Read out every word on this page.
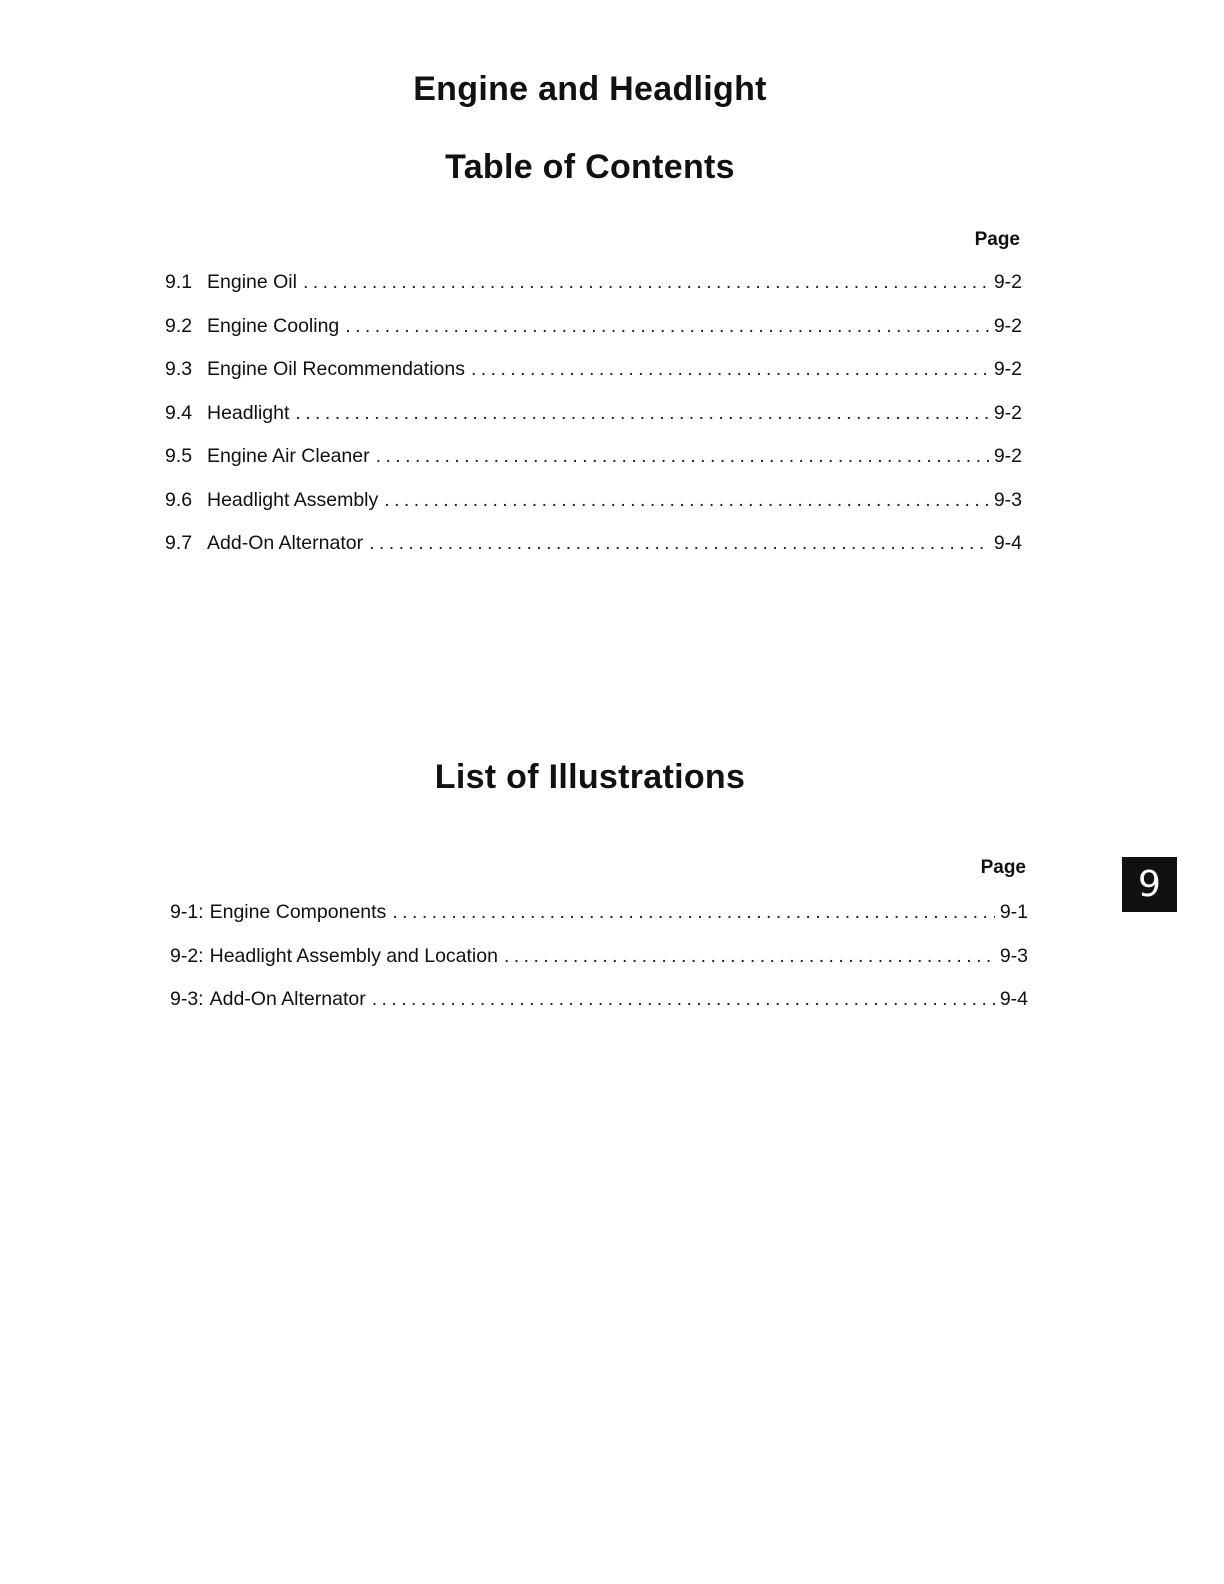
Engine and Headlight
Table of Contents
Page
9.1 Engine Oil . . .	9-2
9.2 Engine Cooling . . .	9-2
9.3 Engine Oil Recommendations . . .	9-2
9.4 Headlight . . .	9-2
9.5 Engine Air Cleaner . . .	9-2
9.6 Headlight Assembly . . .	9-3
9.7 Add-On Alternator . . .	9-4
List of Illustrations
Page
9-1: Engine Components . . .	9-1
9-2: Headlight Assembly and Location . . .	9-3
9-3: Add-On Alternator . . .	9-4
9
